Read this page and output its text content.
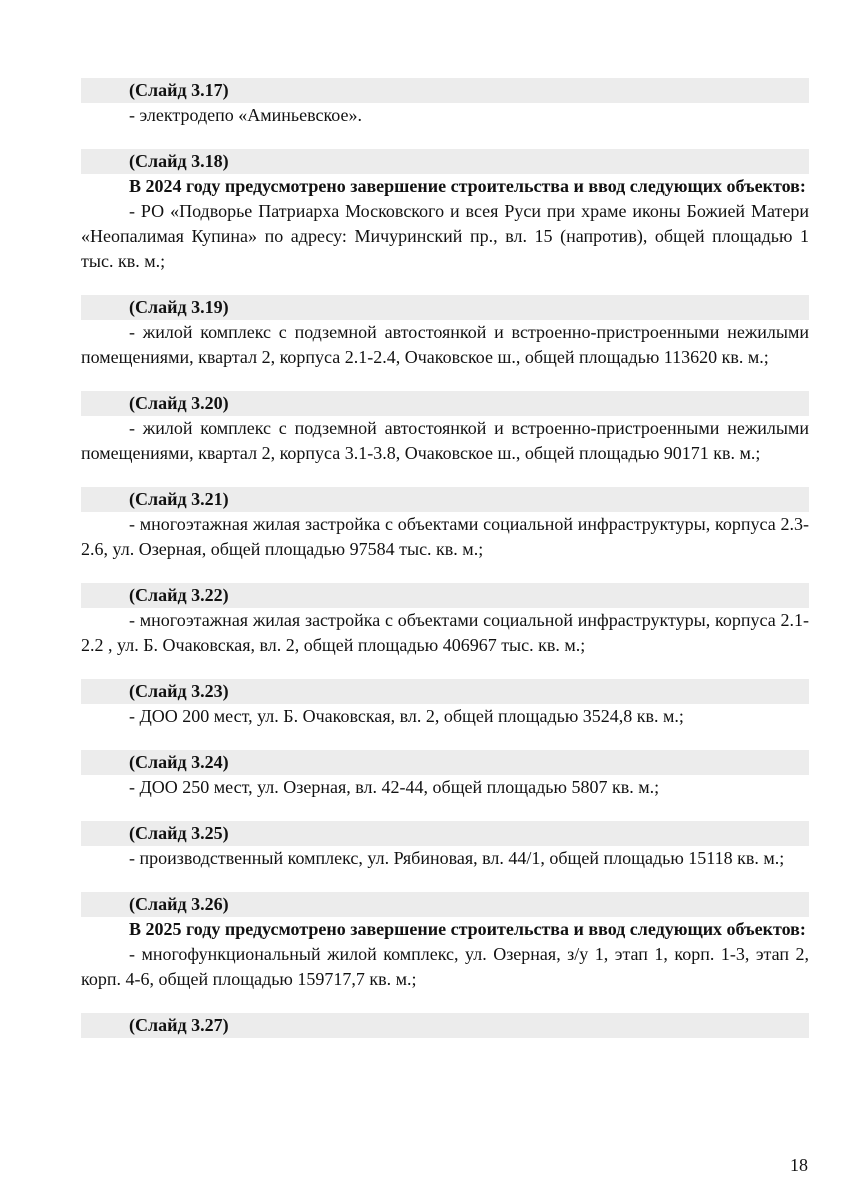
(Слайд 3.17)
- электродепо «Аминьевское».
(Слайд 3.18)
В 2024 году предусмотрено завершение строительства и ввод следующих объектов:
- РО «Подворье Патриарха Московского и всея Руси при храме иконы Божией Матери «Неопалимая Купина» по адресу: Мичуринский пр., вл. 15 (напротив), общей площадью 1 тыс. кв. м.;
(Слайд 3.19)
- жилой комплекс с подземной автостоянкой и встроенно-пристроенными нежилыми помещениями, квартал 2, корпуса 2.1-2.4, Очаковское ш., общей площадью 113620 кв. м.;
(Слайд 3.20)
- жилой комплекс с подземной автостоянкой и встроенно-пристроенными нежилыми помещениями, квартал 2, корпуса 3.1-3.8, Очаковское ш., общей площадью 90171 кв. м.;
(Слайд 3.21)
- многоэтажная жилая застройка с объектами социальной инфраструктуры, корпуса 2.3-2.6, ул. Озерная, общей площадью 97584 тыс. кв. м.;
(Слайд 3.22)
- многоэтажная жилая застройка с объектами социальной инфраструктуры, корпуса 2.1-2.2 , ул. Б. Очаковская, вл. 2, общей площадью 406967 тыс. кв. м.;
(Слайд 3.23)
- ДОО 200 мест, ул. Б. Очаковская, вл. 2, общей площадью 3524,8 кв. м.;
(Слайд 3.24)
- ДОО 250 мест, ул. Озерная, вл. 42-44, общей площадью 5807 кв. м.;
(Слайд 3.25)
- производственный комплекс, ул. Рябиновая, вл. 44/1, общей площадью 15118 кв. м.;
(Слайд 3.26)
В 2025 году предусмотрено завершение строительства и ввод следующих объектов:
- многофункциональный жилой комплекс, ул. Озерная, з/у 1, этап 1, корп. 1-3, этап 2, корп. 4-6, общей площадью 159717,7 кв. м.;
(Слайд 3.27)
18
